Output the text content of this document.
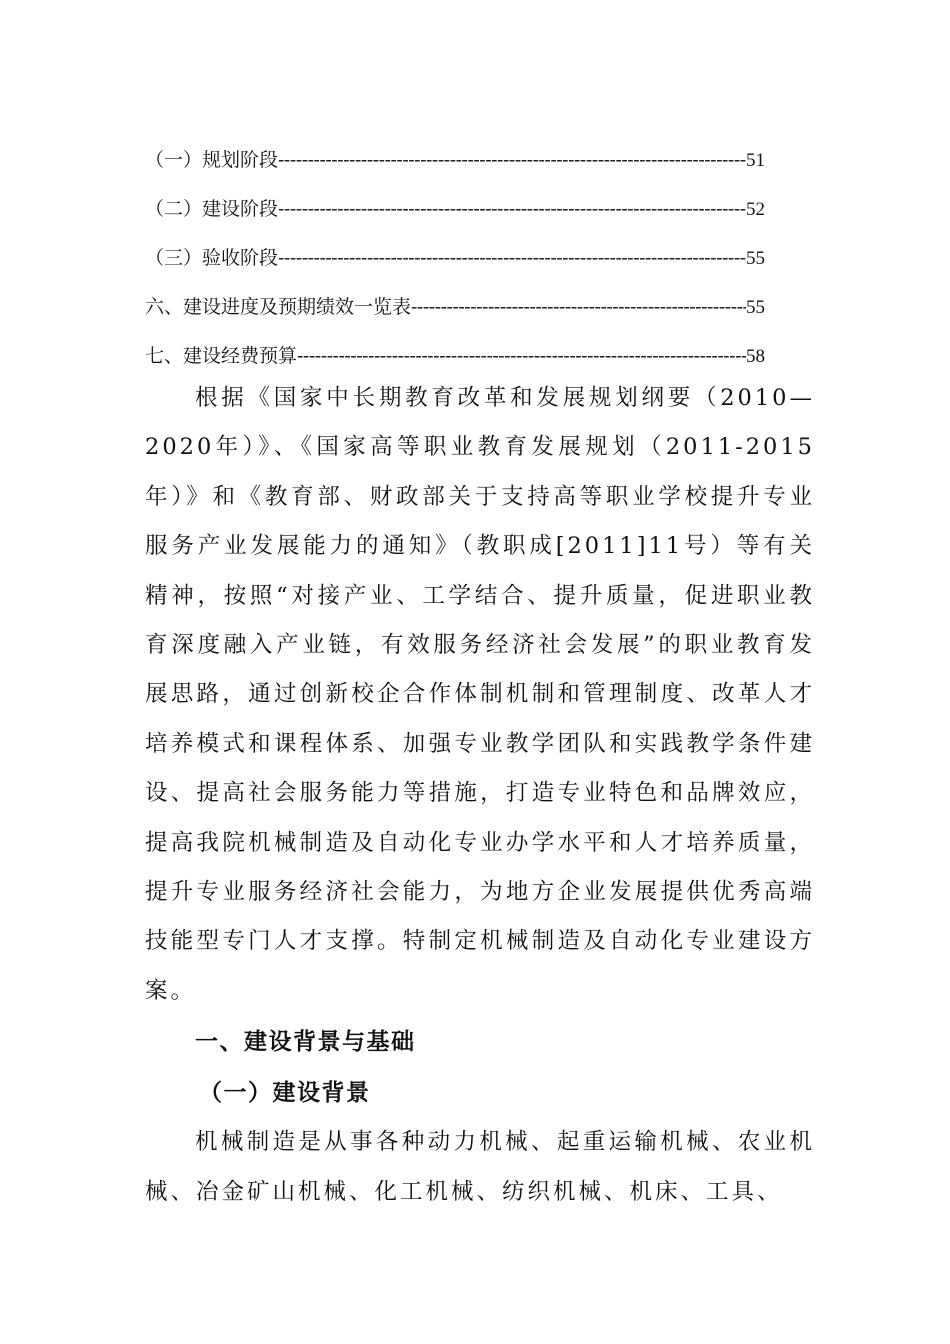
（一）规划阶段 -----	51
（二）建设阶段 -----	52
（三）验收阶段 -----	55
六、建设进度及预期绩效一览表 -----	55
七、建设经费预算 -----	58

根据《国家中长期教育改革和发展规划纲要（2010—2020年）》、《国家高等职业教育发展规划（2011-2015年）》和《教育部、财政部关于支持高等职业学校提升专业服务产业发展能力的通知》（教职成[2011]11号）等有关精神，按照“对接产业、工学结合、提升质量，促进职业教育深度融入产业链，有效服务经济社会发展”的职业教育发展思路，通过创新校企合作体制机制和管理制度、改革人才培养模式和课程体系、加强专业教学团队和实践教学条件建设、提高社会服务能力等措施，打造专业特色和品牌效应，提高我院机械制造及自动化专业办学水平和人才培养质量，提升专业服务经济社会能力，为地方企业发展提供优秀高端技能型专门人才支撑。特制定机械制造及自动化专业建设方案。

一、建设背景与基础
（一）建设背景

机械制造是从事各种动力机械、起重运输机械、农业机械、冶金矿山机械、化工机械、纺织机械、机床、工具、
